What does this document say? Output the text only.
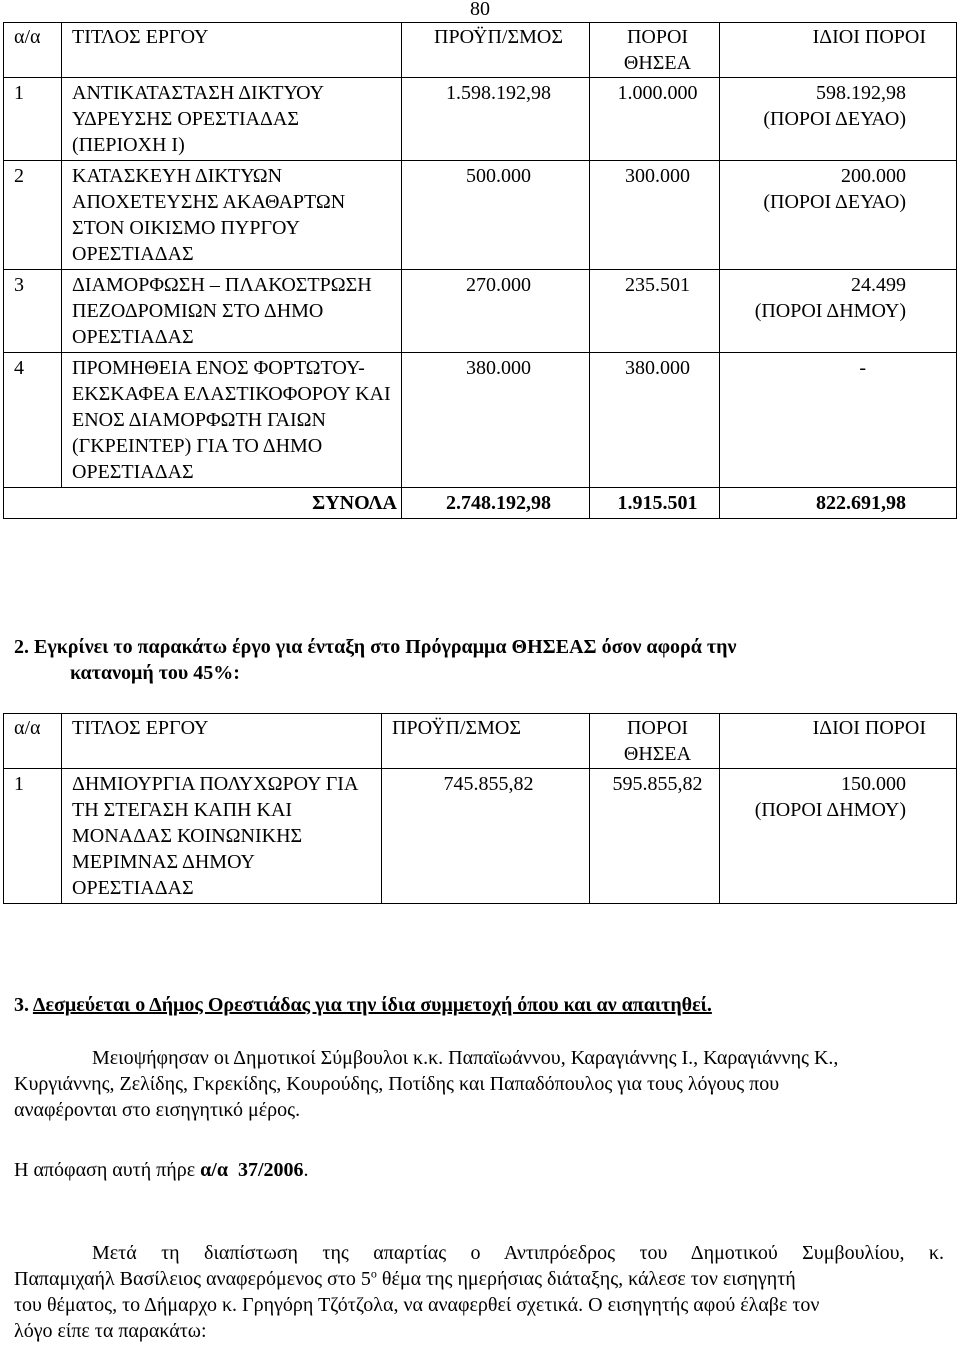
80
α/α	ΤΙΤΛΟΣ ΕΡΓΟΥ	ΠΡΟΫΠ/ΣΜΟΣ	ΠΟΡΟΙ ΘΗΣΕΑ	ΙΔΙΟΙ ΠΟΡΟΙ
1	ΑΝΤΙΚΑΤΑΣΤΑΣΗ ΔΙΚΤΥΟΥ ΥΔΡΕΥΣΗΣ ΟΡΕΣΤΙΑΔΑΣ (ΠΕΡΙΟΧΗ Ι)	1.598.192,98	1.000.000	598.192,98
(ΠΟΡΟΙ ΔΕΥΑΟ)

2	ΚΑΤΑΣΚΕΥΗ ΔΙΚΤΥΩΝ ΑΠΟΧΕΤΕΥΣΗΣ ΑΚΑΘΑΡΤΩΝ ΣΤΟΝ ΟΙΚΙΣΜΟ ΠΥΡΓΟΥ ΟΡΕΣΤΙΑΔΑΣ	500.000	300.000	200.000
(ΠΟΡΟΙ ΔΕΥΑΟ)

3	ΔΙΑΜΟΡΦΩΣΗ – ΠΛΑΚΟΣΤΡΩΣΗ ΠΕΖΟΔΡΟΜΙΩΝ ΣΤΟ ΔΗΜΟ ΟΡΕΣΤΙΑΔΑΣ	270.000	235.501	24.499
(ΠΟΡΟΙ ΔΗΜΟΥ)

4	ΠΡΟΜΗΘΕΙΑ ΕΝΟΣ ΦΟΡΤΩΤΟΥ- ΕΚΣΚΑΦΕΑ ΕΛΑΣΤΙΚΟΦΟΡΟΥ ΚΑΙ ΕΝΟΣ ΔΙΑΜΟΡΦΩΤΗ ΓΑΙΩΝ (ΓΚΡΕΙΝΤΕΡ) ΓΙΑ ΤΟ ΔΗΜΟ ΟΡΕΣΤΙΑΔΑΣ	380.000	380.000	-

ΣΥΝΟΛΑ		2.748.192,98	1.915.501	822.691,98
2. Εγκρίνει το παρακάτω έργο για ένταξη στο Πρόγραμμα ΘΗΣΕΑΣ όσον αφορά την
κατανομή του 45%:
α/α	ΤΙΤΛΟΣ ΕΡΓΟΥ	ΠΡΟΫΠ/ΣΜΟΣ	ΠΟΡΟΙ ΘΗΣΕΑ	ΙΔΙΟΙ ΠΟΡΟΙ
1	ΔΗΜΙΟΥΡΓΙΑ ΠΟΛΥΧΩΡΟΥ ΓΙΑ ΤΗ ΣΤΕΓΑΣΗ ΚΑΠΗ ΚΑΙ ΜΟΝΑΔΑΣ ΚΟΙΝΩΝΙΚΗΣ ΜΕΡΙΜΝΑΣ ΔΗΜΟΥ ΟΡΕΣΤΙΑΔΑΣ	745.855,82	595.855,82	150.000
(ΠΟΡΟΙ ΔΗΜΟΥ)
3. Δεσμεύεται ο Δήμος Ορεστιάδας για την ίδια συμμετοχή όπου και αν απαιτηθεί.
Μειοψήφησαν οι Δημοτικοί Σύμβουλοι κ.κ. Παπαϊωάννου, Καραγιάννης Ι., Καραγιάννης Κ.,
Κυργιάννης, Ζελίδης, Γκρεκίδης, Κουρούδης, Ποτίδης και Παπαδόπουλος για τους λόγους που
αναφέρονται στο εισηγητικό μέρος.
Η απόφαση αυτή πήρε α/α 37/2006.
Μετά τη διαπίστωση της απαρτίας ο Αντιπρόεδρος του Δημοτικού Συμβουλίου, κ.
Παπαμιχαήλ Βασίλειος αναφερόμενος στο $5^o$ θέμα της ημερήσιας διάταξης, κάλεσε τον εισηγητή
του θέματος, το Δήμαρχο κ. Γρηγόρη Τζότζολα, να αναφερθεί σχετικά. Ο εισηγητής αφού έλαβε τον
λόγο είπε τα παρακάτω:
